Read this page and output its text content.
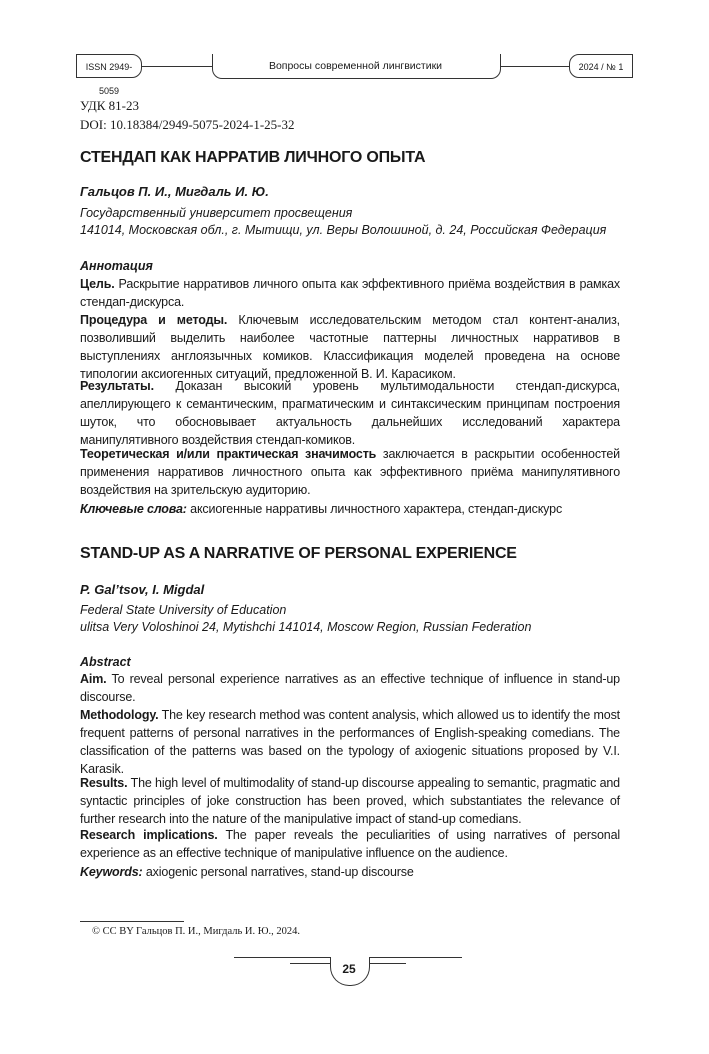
ISSN 2949-5059
Вопросы современной лингвистики	2024 / № 1
УДК 81-23
DOI: 10.18384/2949-5075-2024-1-25-32
СТЕНДАП КАК НАРРАТИВ ЛИЧНОГО ОПЫТА
Гальцов П. И., Мигдаль И. Ю.
Государственный университет просвещения
141014, Московская обл., г. Мытищи, ул. Веры Волошиной, д. 24, Российская Федерация
Аннотация
Цель. Раскрытие нарративов личного опыта как эффективного приёма воздействия в рамках стендап-дискурса.
Процедура и методы. Ключевым исследовательским методом стал контент-анализ, позволивший выделить наиболее частотные паттерны личностных нарративов в выступлениях англоязычных комиков. Классификация моделей проведена на основе типологии аксиогенных ситуаций, предложенной В. И. Карасиком.
Результаты. Доказан высокий уровень мультимодальности стендап-дискурса, апеллирующего к семантическим, прагматическим и синтаксическим принципам построения шуток, что обосновывает актуальность дальнейших исследований характера манипулятивного воздействия стендап-комиков.
Теоретическая и/или практическая значимость заключается в раскрытии особенностей применения нарративов личностного опыта как эффективного приёма манипулятивного воздействия на зрительскую аудиторию.
Ключевые слова: аксиогенные нарративы личностного характера, стендап-дискурс
STAND-UP AS A NARRATIVE OF PERSONAL EXPERIENCE
P. Gal’tsov, I. Migdal
Federal State University of Education
ulitsa Very Voloshinoi 24, Mytishchi 141014, Moscow Region, Russian Federation
Abstract
Aim. To reveal personal experience narratives as an effective technique of influence in stand-up discourse.
Methodology. The key research method was content analysis, which allowed us to identify the most frequent patterns of personal narratives in the performances of English-speaking comedians. The classification of the patterns was based on the typology of axiogenic situations proposed by V.I. Karasik.
Results. The high level of multimodality of stand-up discourse appealing to semantic, pragmatic and syntactic principles of joke construction has been proved, which substantiates the relevance of further research into the nature of the manipulative impact of stand-up comedians.
Research implications. The paper reveals the peculiarities of using narratives of personal experience as an effective technique of manipulative influence on the audience.
Keywords: axiogenic personal narratives, stand-up discourse
© CC BY Гальцов П. И., Мигдаль И. Ю., 2024.
25
